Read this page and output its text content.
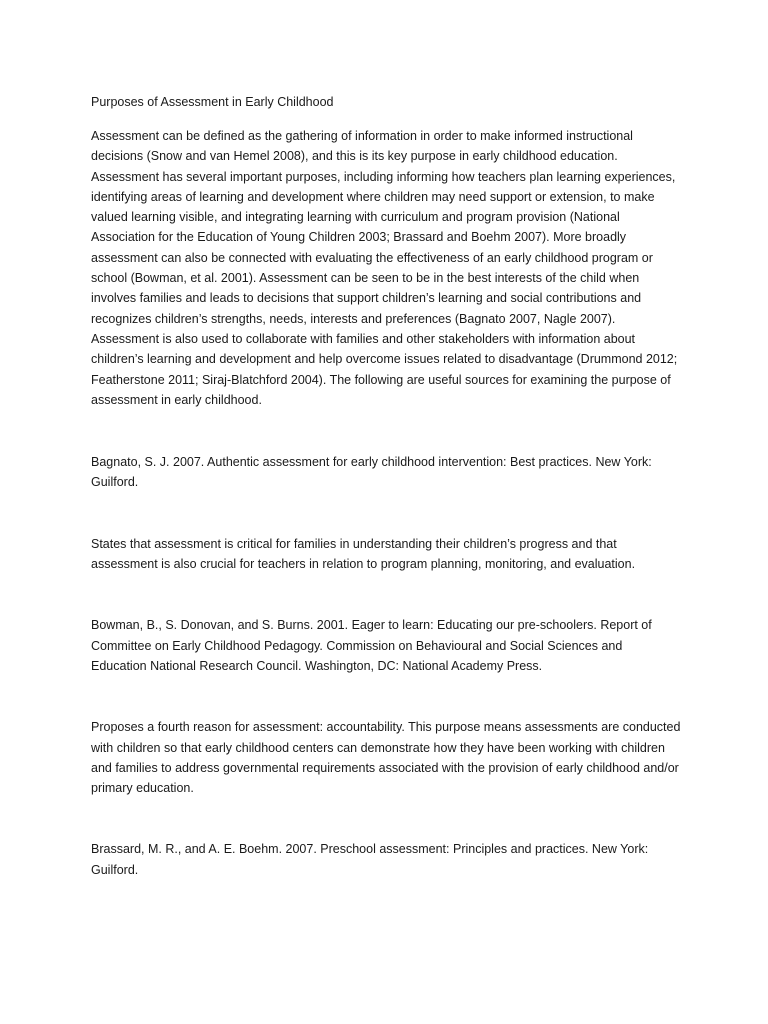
Purposes of Assessment in Early Childhood

Assessment can be defined as the gathering of information in order to make informed instructional decisions (Snow and van Hemel 2008), and this is its key purpose in early childhood education. Assessment has several important purposes, including informing how teachers plan learning experiences, identifying areas of learning and development where children may need support or extension, to make valued learning visible, and integrating learning with curriculum and program provision (National Association for the Education of Young Children 2003; Brassard and Boehm 2007). More broadly assessment can also be connected with evaluating the effectiveness of an early childhood program or school (Bowman, et al. 2001). Assessment can be seen to be in the best interests of the child when involves families and leads to decisions that support children’s learning and social contributions and recognizes children’s strengths, needs, interests and preferences (Bagnato 2007, Nagle 2007). Assessment is also used to collaborate with families and other stakeholders with information about children’s learning and development and help overcome issues related to disadvantage (Drummond 2012; Featherstone 2011; Siraj-Blatchford 2004). The following are useful sources for examining the purpose of assessment in early childhood.

Bagnato, S. J. 2007. Authentic assessment for early childhood intervention: Best practices. New York: Guilford.

States that assessment is critical for families in understanding their children’s progress and that assessment is also crucial for teachers in relation to program planning, monitoring, and evaluation.

Bowman, B., S. Donovan, and S. Burns. 2001. Eager to learn: Educating our pre-schoolers. Report of Committee on Early Childhood Pedagogy. Commission on Behavioural and Social Sciences and Education National Research Council. Washington, DC: National Academy Press.

Proposes a fourth reason for assessment: accountability. This purpose means assessments are conducted with children so that early childhood centers can demonstrate how they have been working with children and families to address governmental requirements associated with the provision of early childhood and/or primary education.

Brassard, M. R., and A. E. Boehm. 2007. Preschool assessment: Principles and practices. New York: Guilford.
